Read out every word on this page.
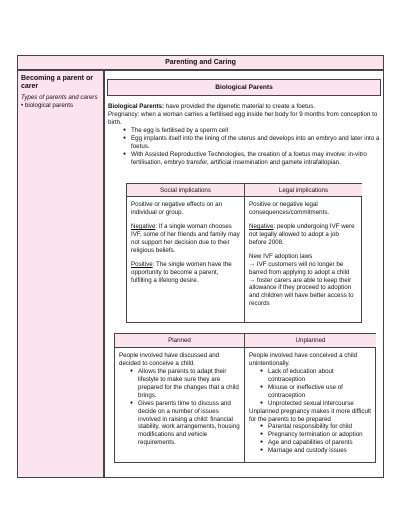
Parenting and Caring
Becoming a parent or carer
Types of parents and carers
• biological parents
Biological Parents

Biological Parents: have provided the dgenetic material to create a foetus.

Pregnancy: when a woman carries a fertilised egg inside her body for 9 months from conception to birth.

● The egg is fertilised by a sperm cell
● Egg implants itself into the lining of the uterus and develops into an embryo and later into a foetus.
● With Assisted Reproductive Technologies, the creation of a foetus may involve: in-vitro fertilisation, embryo transfer, artificial insemination and gamete intrafallopian.
Social implications	Legal implications

Positive or negative effects on an individual or group.

Negative: If a single woman chooses IVF, some of her friends and family may not support her decision due to their religious beliefs.

Positive: The single women have the opportunity to become a parent, fulfilling a lifelong desire.

Positive or negative legal consequences/commitments.

Negative: people undergoing IVF were not legally allowed to adopt a job before 2008.

New IVF adoption laws

→ IVF customers will no longer be barred from applying to adopt a child

→ foster carers are able to keep their allowance if they proceed to adoption and children will have better access to records

Planned	Unplanned

People involved have discussed and decided to conceive a child.

● Allows the parents to adapt their lifestyle to make sure they are prepared for the changes that a child brings.
● Gives parents time to discuss and decide on a number of issues involved in raising a child: financial stability, work arrangements, housing modifications and vehicle requirements.

People involved have conceived a child unintentionally.

● Lack of education about contraception
● Misuse or ineffective use of contraception
● Unprotected sexual intercourse

Unplanned pregnancy makes it more difficult for the parents to be prepared

● Parental responsibility for child
● Pregnancy termination or adoption
● Age and capabilities of parents
● Marriage and custody issues
